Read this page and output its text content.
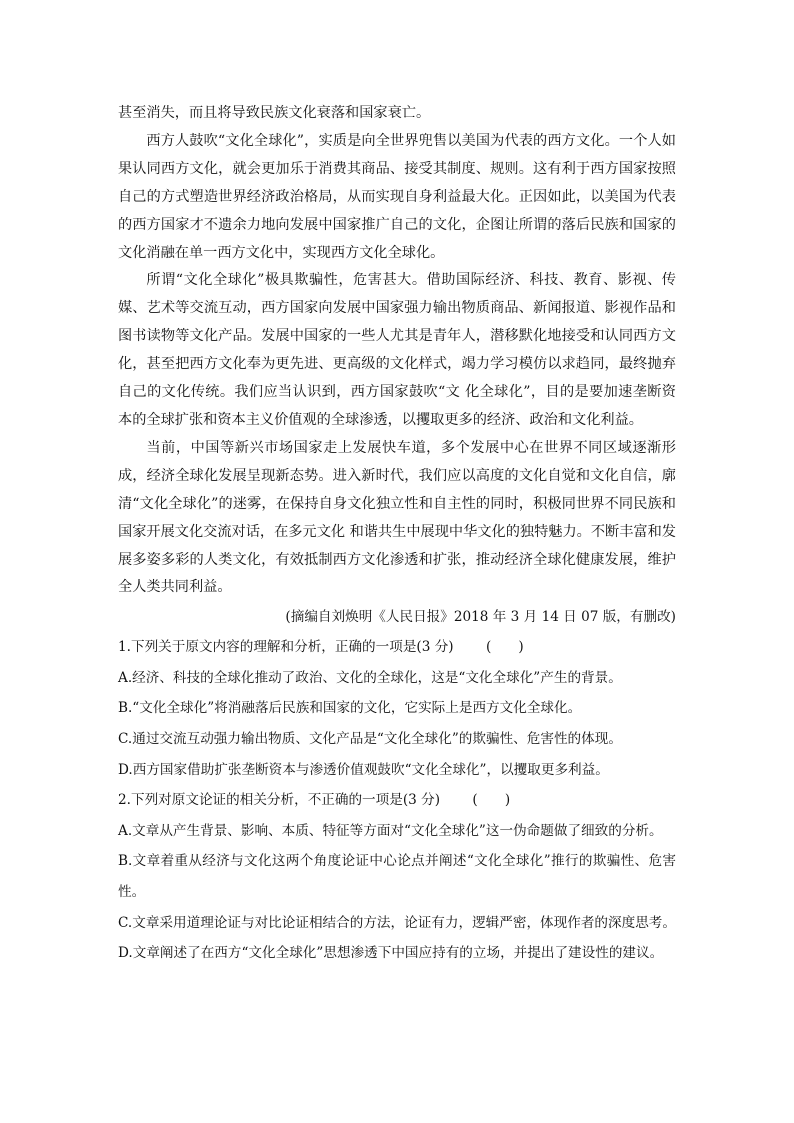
甚至消失，而且将导致民族文化衰落和国家衰亡。

西方人鼓吹“文化全球化”，实质是向全世界兜售以美国为代表的西方文化。一个人如果认同西方文化，就会更加乐于消费其商品、接受其制度、规则。这有利于西方国家按照自己的方式塑造世界经济政治格局，从而实现自身利益最大化。正因如此，以美国为代表的西方国家才不遗余力地向发展中国家推广自己的文化，企图让所谓的落后民族和国家的文化消融在单一西方文化中，实现西方文化全球化。

所谓“文化全球化”极具欺骗性，危害甚大。借助国际经济、科技、教育、影视、传媒、艺术等交流互动，西方国家向发展中国家强力输出物质商品、新闻报道、影视作品和图书读物等文化产品。发展中国家的一些人尤其是青年人，潜移默化地接受和认同西方文化，甚至把西方文化奉为更先进、更高级的文化样式，竭力学习模仿以求趋同，最终抛弃自己的文化传统。我们应当认识到，西方国家鼓吹“文 化全球化”，目的是要加速垄断资本的全球扩张和资本主义价值观的全球渗透，以攫取更多的经济、政治和文化利益。

当前，中国等新兴市场国家走上发展快车道，多个发展中心在世界不同区域逐渐形成，经济全球化发展呈现新态势。进入新时代，我们应以高度的文化自觉和文化自信，廓清“文化全球化”的迷雾，在保持自身文化独立性和自主性的同时，积极同世界不同民族和国家开展文化交流对话，在多元文化 和谐共生中展现中华文化的独特魅力。不断丰富和发展多姿多彩的人类文化，有效抵制西方文化渗透和扩张，推动经济全球化健康发展，维护全人类共同利益。

(摘编自刘焕明《人民日报》2018 年 3 月 14 日 07 版，有删改)

1.下列关于原文内容的理解和分析，正确的一项是(3 分) (　　)

A.经济、科技的全球化推动了政治、文化的全球化，这是“文化全球化”产生的背景。

B.“文化全球化”将消融落后民族和国家的文化，它实际上是西方文化全球化。

C.通过交流互动强力输出物质、文化产品是“文化全球化”的欺骗性、危害性的体现。

D.西方国家借助扩张垄断资本与渗透价值观鼓吹“文化全球化”，以攫取更多利益。

2.下列对原文论证的相关分析，不正确的一项是(3 分) (　　)

A.文章从产生背景、影响、本质、特征等方面对“文化全球化”这一伪命题做了细致的分析。

B.文章着重从经济与文化这两个角度论证中心论点并阐述“文化全球化”推行的欺骗性、危害性。

C.文章采用道理论证与对比论证相结合的方法，论证有力，逻辑严密，体现作者的深度思考。

D.文章阐述了在西方“文化全球化”思想渗透下中国应持有的立场，并提出了建设性的建议。
